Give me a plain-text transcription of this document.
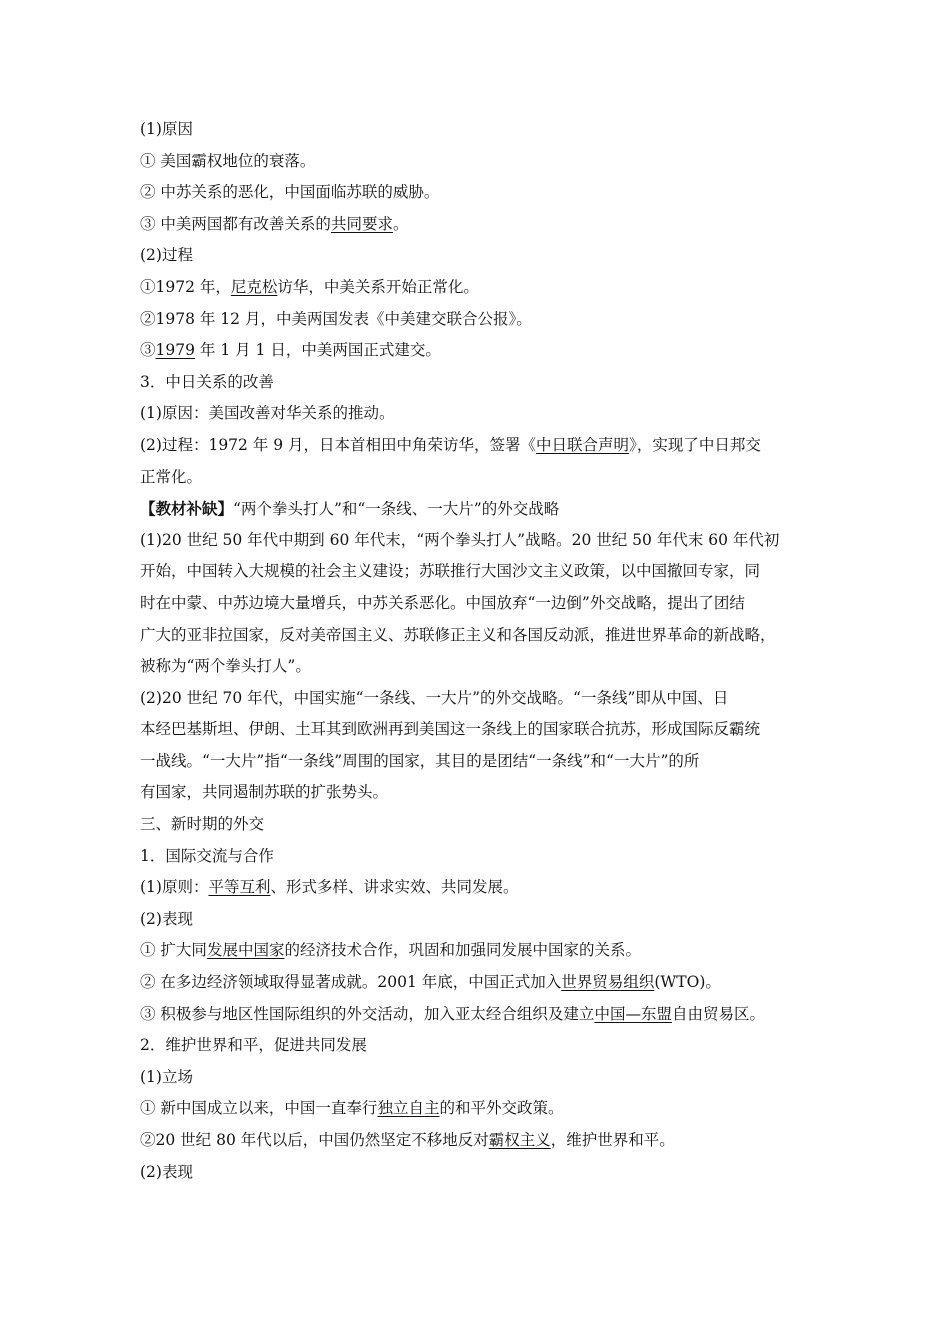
(1)原因
① 美国霸权地位的衰落。
② 中苏关系的恶化，中国面临苏联的威胁。
③ 中美两国都有改善关系的共同要求。
(2)过程
①1972 年，尼克松访华，中美关系开始正常化。
②1978 年 12 月，中美两国发表《中美建交联合公报》。
③1979 年 1 月 1 日，中美两国正式建交。
3．中日关系的改善
(1)原因：美国改善对华关系的推动。
(2)过程：1972 年 9 月，日本首相田中角荣访华，签署《中日联合声明》，实现了中日邦交
正常化。
【教材补缺】“两个拳头打人”和“一条线、一大片”的外交战略
(1)20 世纪 50 年代中期到 60 年代末，“两个拳头打人”战略。20 世纪 50 年代末 60 年代初
开始，中国转入大规模的社会主义建设；苏联推行大国沙文主义政策，以中国撤回专家，同
时在中蒙、中苏边境大量增兵，中苏关系恶化。中国放弃“一边倒”外交战略，提出了团结
广大的亚非拉国家，反对美帝国主义、苏联修正主义和各国反动派，推进世界革命的新战略，
被称为“两个拳头打人”。
(2)20 世纪 70 年代，中国实施“一条线、一大片”的外交战略。“一条线”即从中国、日
本经巴基斯坦、伊朗、土耳其到欧洲再到美国这一条线上的国家联合抗苏，形成国际反霸统
一战线。“一大片”指“一条线”周围的国家，其目的是团结“一条线”和“一大片”的所
有国家，共同遏制苏联的扩张势头。
三、新时期的外交
1．国际交流与合作
(1)原则：平等互利、形式多样、讲求实效、共同发展。
(2)表现
① 扩大同发展中国家的经济技术合作，巩固和加强同发展中国家的关系。
② 在多边经济领域取得显著成就。2001 年底，中国正式加入世界贸易组织(WTO)。
③ 积极参与地区性国际组织的外交活动，加入亚太经合组织及建立中国—东盟自由贸易区。
2．维护世界和平，促进共同发展
(1)立场
① 新中国成立以来，中国一直奉行独立自主的和平外交政策。
②20 世纪 80 年代以后，中国仍然坚定不移地反对霸权主义，维护世界和平。
(2)表现
